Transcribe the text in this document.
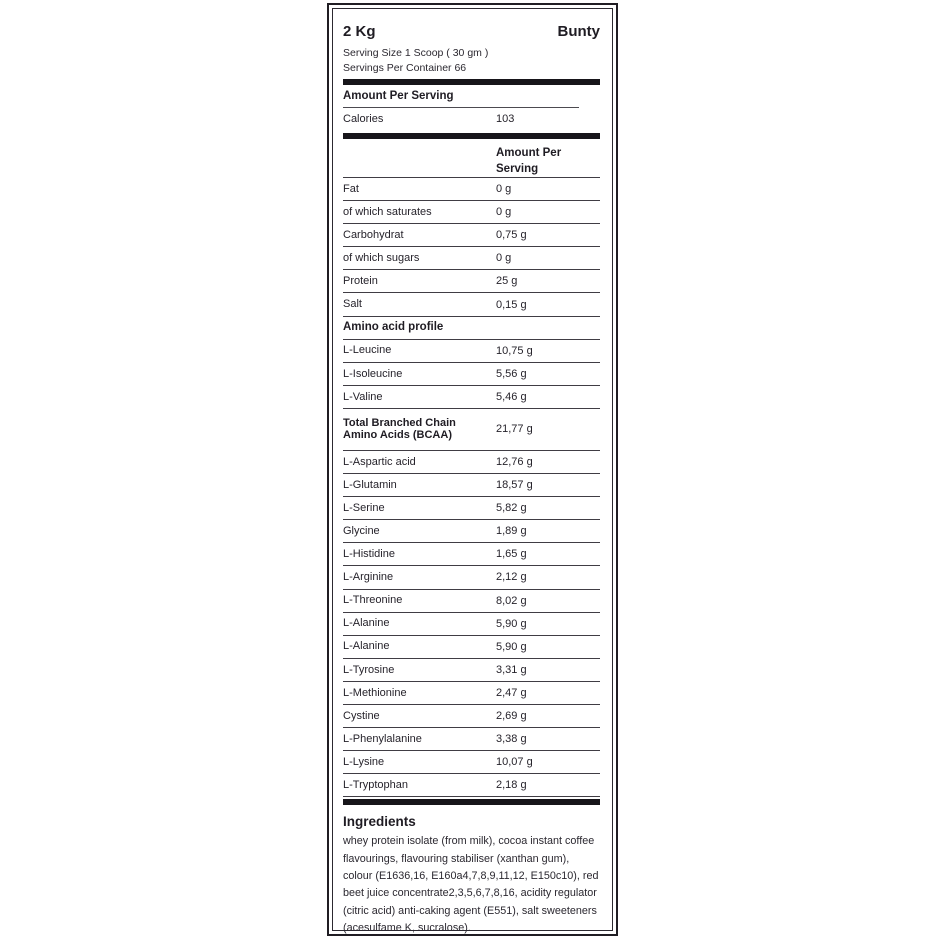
2 Kg	Bunty
Serving Size 1 Scoop ( 30 gm )
Servings Per Container 66
Amount Per Serving
Calories	103
Amount Per
Serving
Fat	0 g
of which saturates	0 g
Carbohydrat	0,75 g
of which sugars	0 g
Protein	25 g
Salt	0,15 g
Amino acid profile
L-Leucine	10,75 g
L-Isoleucine	5,56 g
L-Valine	5,46 g
Total Branched Chain Amino Acids (BCAA)	21,77 g
L-Aspartic acid	12,76 g
L-Glutamin	18,57 g
L-Serine	5,82 g
Glycine	1,89 g
L-Histidine	1,65 g
L-Arginine	2,12 g
L-Threonine	8,02 g
L-Alanine	5,90 g
L-Alanine	5,90 g
L-Tyrosine	3,31 g
L-Methionine	2,47 g
Cystine	2,69 g
L-Phenylalanine	3,38 g
L-Lysine	10,07 g
L-Tryptophan	2,18 g
Ingredients
whey protein isolate (from milk), cocoa instant coffee flavourings, flavouring stabiliser (xanthan gum), colour (E1636,16, E160a4,7,8,9,11,12, E150c10), red beet juice concentrate2,3,5,6,7,8,16, acidity regulator (citric acid) anti-caking agent (E551), salt sweeteners (acesulfame K, sucralose).
